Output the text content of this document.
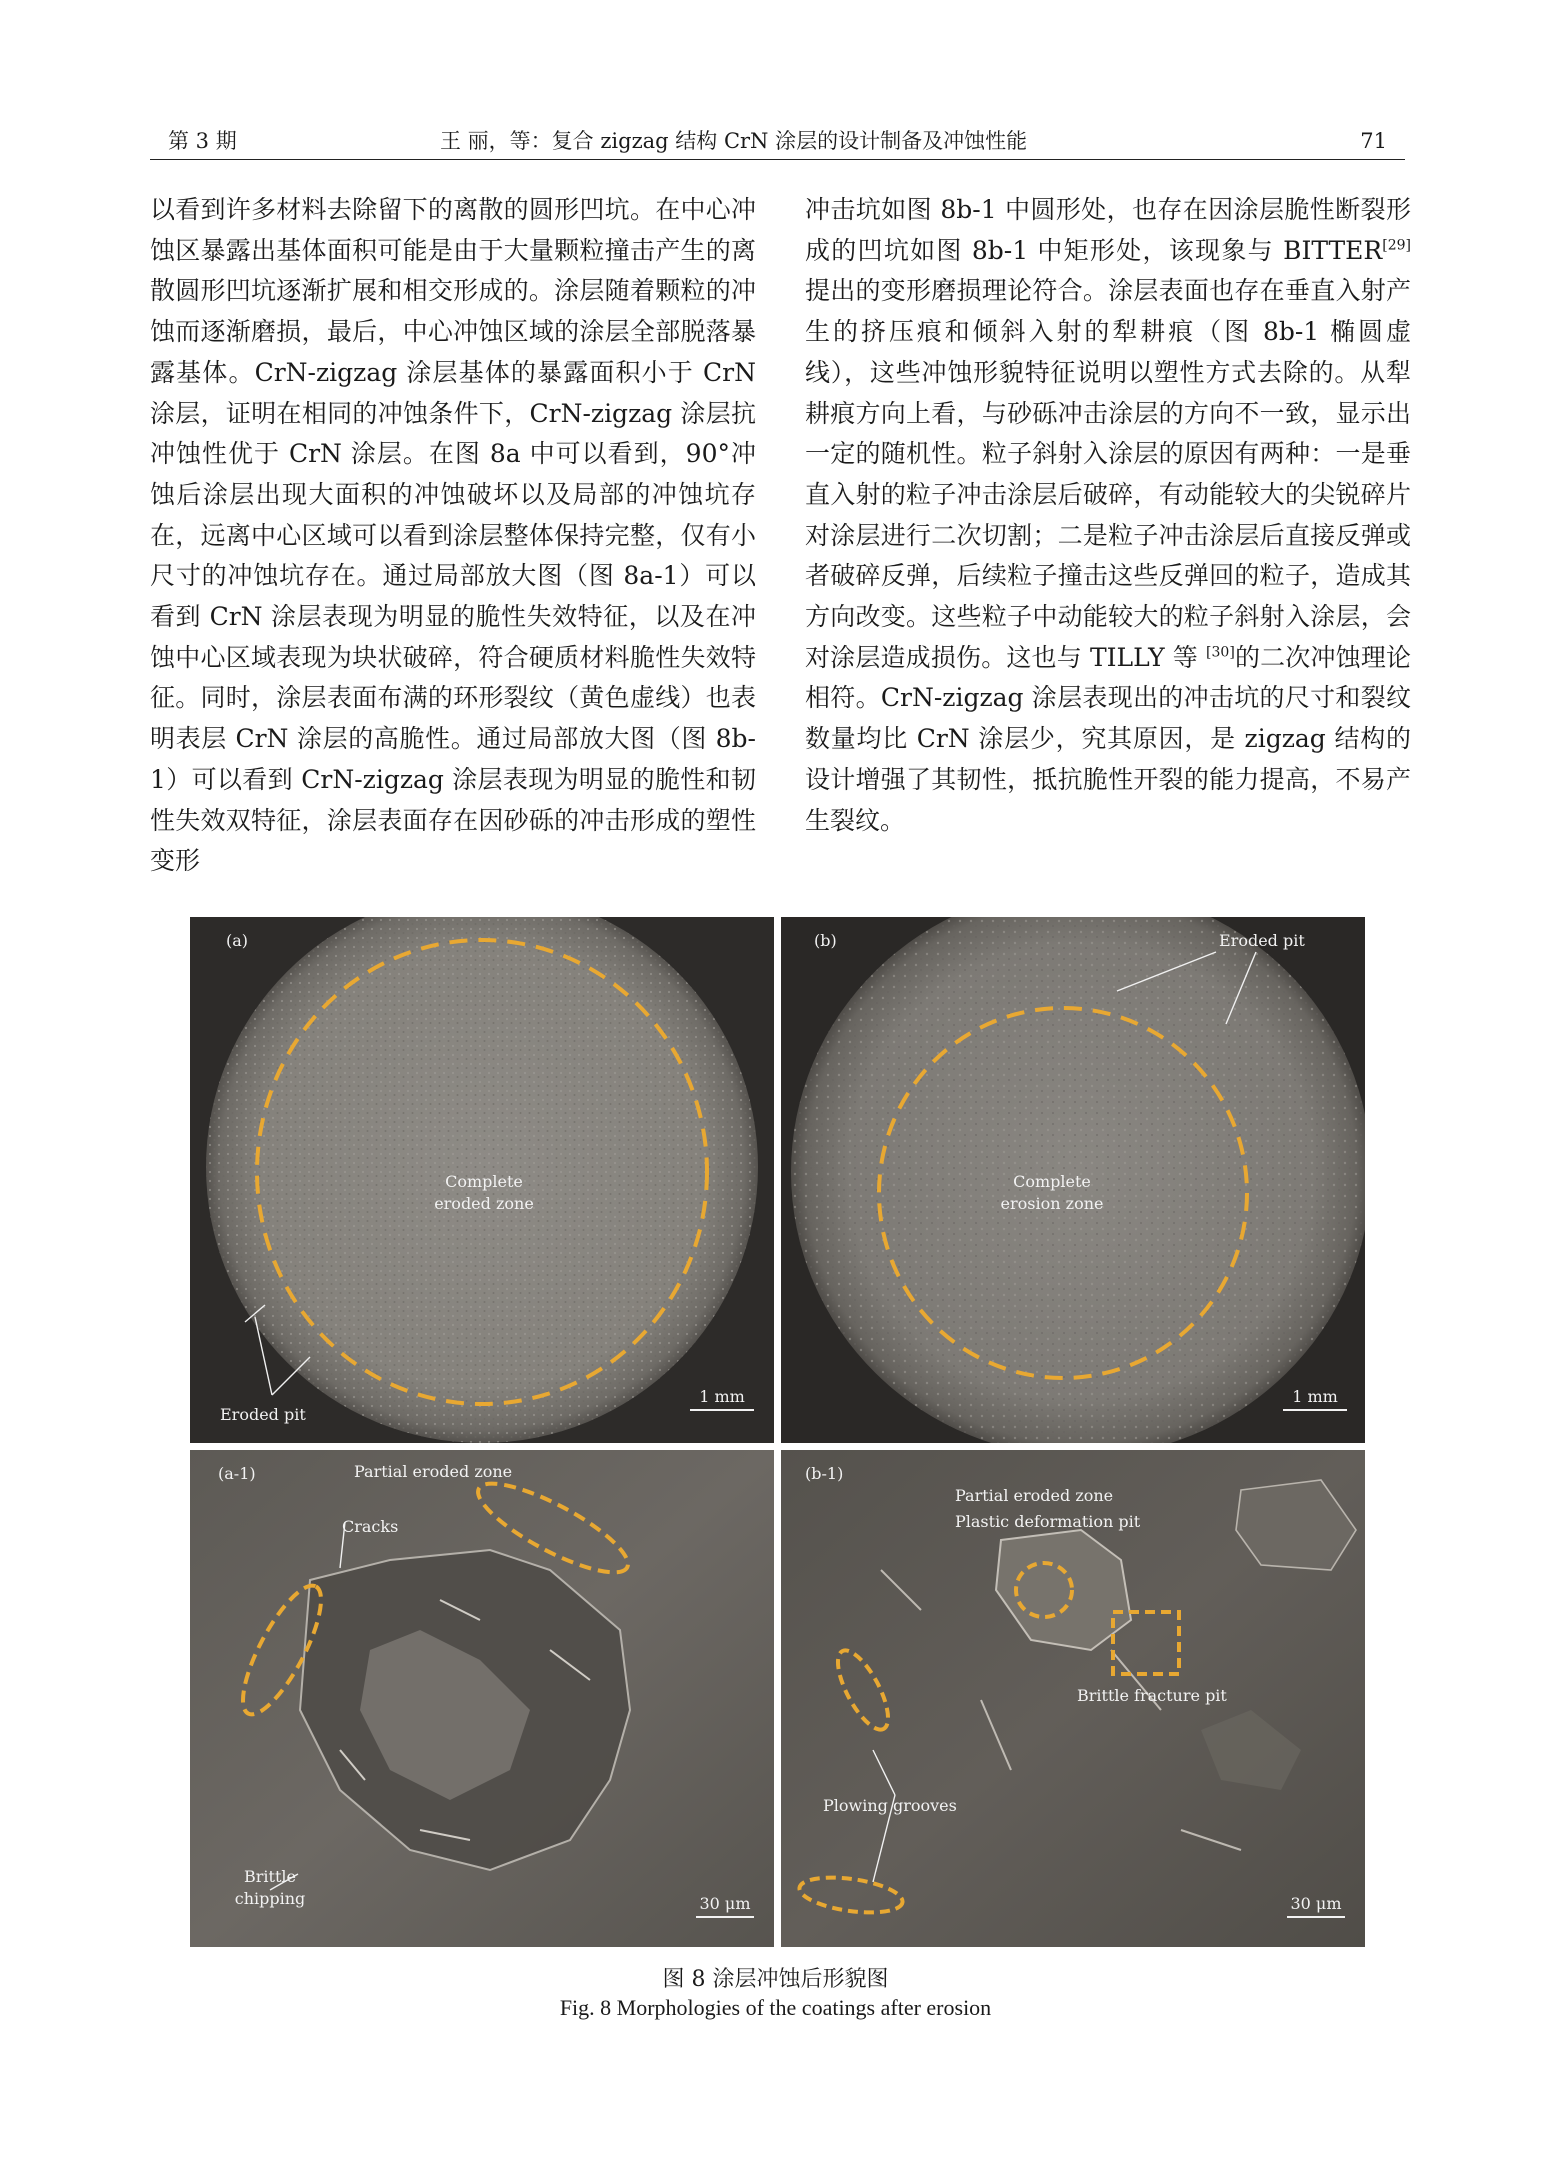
第 3 期	王 丽，等：复合 zigzag 结构 CrN 涂层的设计制备及冲蚀性能	71

以看到许多材料去除留下的离散的圆形凹坑。在中心冲蚀区暴露出基体面积可能是由于大量颗粒撞击产生的离散圆形凹坑逐渐扩展和相交形成的。涂层随着颗粒的冲蚀而逐渐磨损，最后，中心冲蚀区域的涂层全部脱落暴露基体。CrN-zigzag 涂层基体的暴露面积小于 CrN 涂层，证明在相同的冲蚀条件下，CrN-zigzag 涂层抗冲蚀性优于 CrN 涂层。在图 8a 中可以看到，90°冲蚀后涂层出现大面积的冲蚀破坏以及局部的冲蚀坑存在，远离中心区域可以看到涂层整体保持完整，仅有小尺寸的冲蚀坑存在。通过局部放大图（图 8a-1）可以看到 CrN 涂层表现为明显的脆性失效特征，以及在冲蚀中心区域表现为块状破碎，符合硬质材料脆性失效特征。同时，涂层表面布满的环形裂纹（黄色虚线）也表明表层 CrN 涂层的高脆性。通过局部放大图（图 8b-1）可以看到 CrN-zigzag 涂层表现为明显的脆性和韧性失效双特征，涂层表面存在因砂砾的冲击形成的塑性变形

冲击坑如图 8b-1 中圆形处，也存在因涂层脆性断裂形成的凹坑如图 8b-1 中矩形处，该现象与 BITTER[29]提出的变形磨损理论符合。涂层表面也存在垂直入射产生的挤压痕和倾斜入射的犁耕痕（图 8b-1 椭圆虚线），这些冲蚀形貌特征说明以塑性方式去除的。从犁耕痕方向上看，与砂砾冲击涂层的方向不一致，显示出一定的随机性。粒子斜射入涂层的原因有两种：一是垂直入射的粒子冲击涂层后破碎，有动能较大的尖锐碎片对涂层进行二次切割；二是粒子冲击涂层后直接反弹或者破碎反弹，后续粒子撞击这些反弹回的粒子，造成其方向改变。这些粒子中动能较大的粒子斜射入涂层，会对涂层造成损伤。这也与 TILLY 等 [30]的二次冲蚀理论相符。CrN-zigzag 涂层表现出的冲击坑的尺寸和裂纹数量均比 CrN 涂层少，究其原因，是 zigzag 结构的设计增强了其韧性，抵抗脆性开裂的能力提高，不易产生裂纹。

(a)
Complete
eroded zone
Eroded pit
1 mm
(b)	Eroded pit
Complete
erosion zone
1 mm
(a-1)	Partial eroded zone
Cracks
Brittle
chipping	30 μm
(b-1)
Partial eroded zone
Plastic deformation pit
Brittle fracture pit
Plowing grooves
30 μm
图 8 涂层冲蚀后形貌图
Fig. 8 Morphologies of the coatings after erosion
